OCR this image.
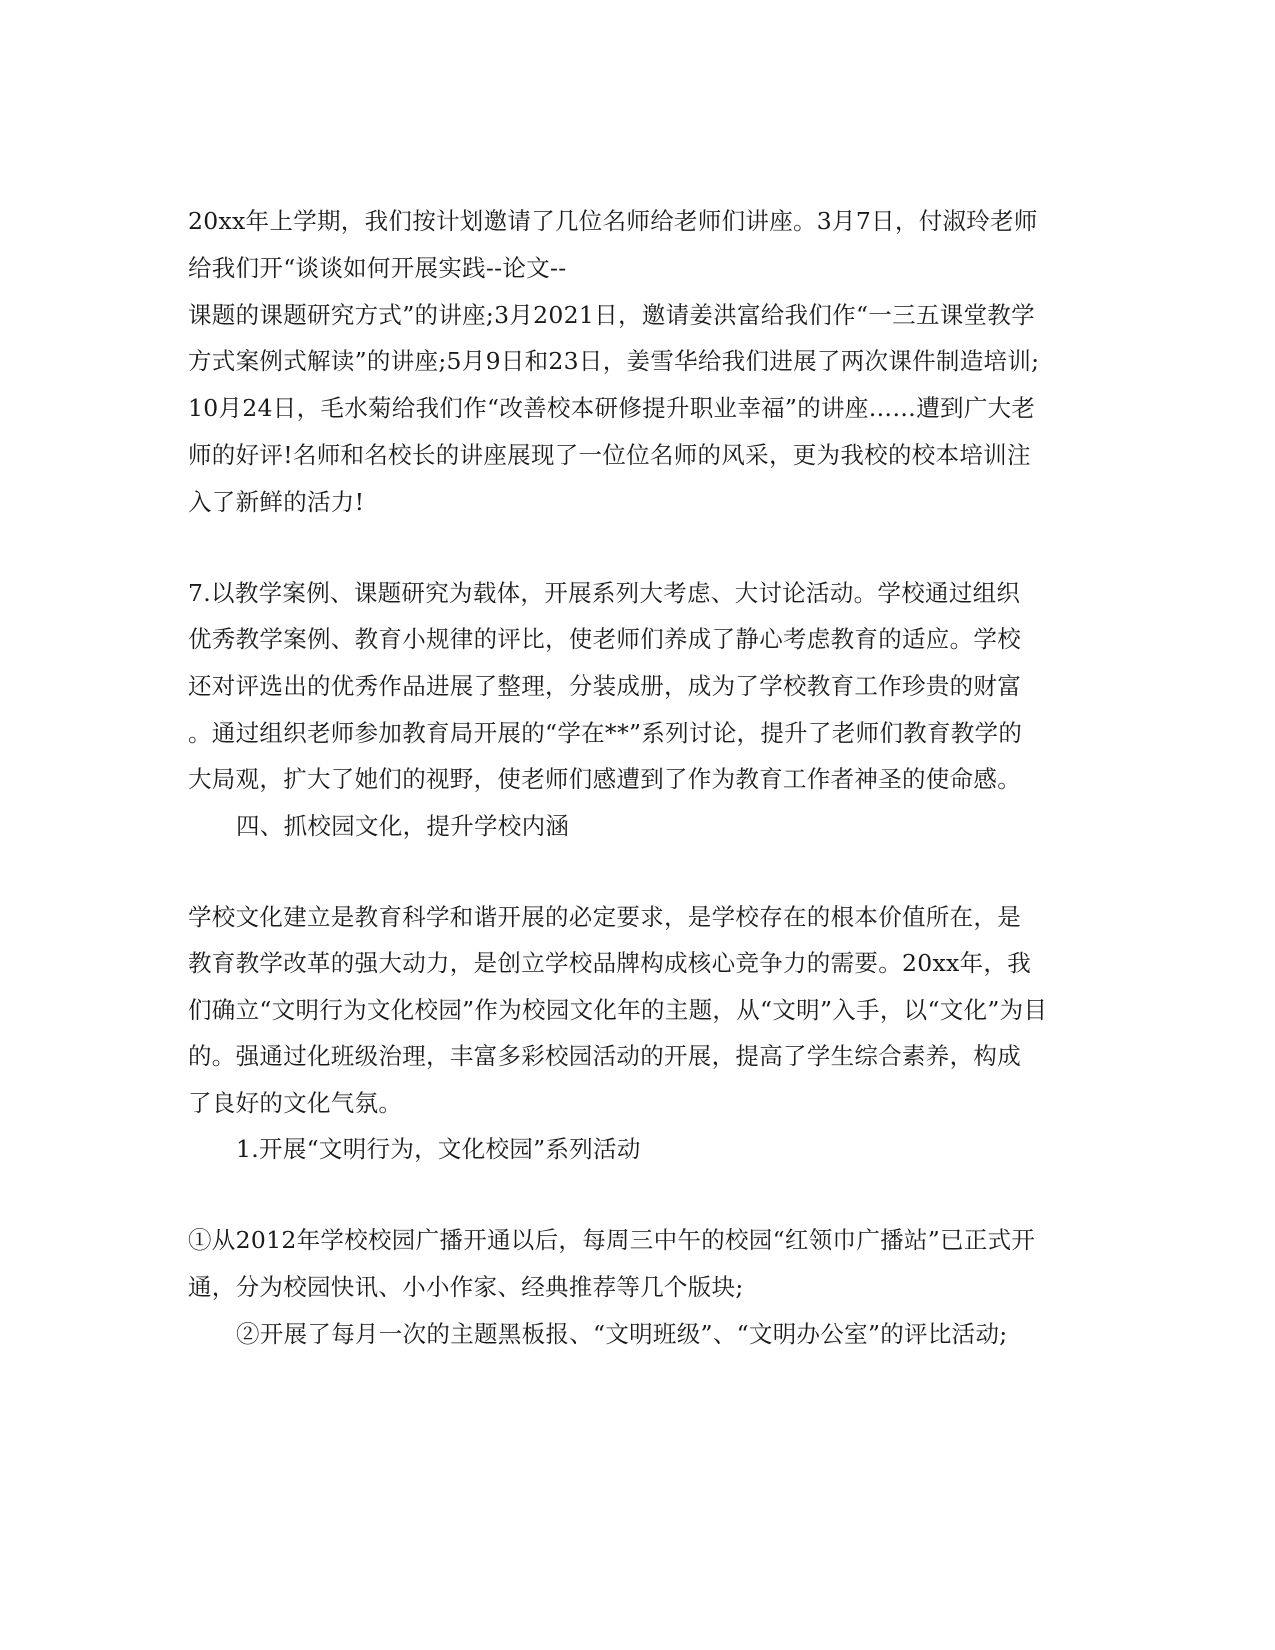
20xx年上学期，我们按计划邀请了几位名师给老师们讲座。3月7日，付淑玲老师
给我们开“谈谈如何开展实践--论文--
课题的课题研究方式”的讲座;3月2021日，邀请姜洪富给我们作“一三五课堂教学
方式案例式解读”的讲座;5月9日和23日，姜雪华给我们进展了两次课件制造培训;
10月24日，毛水菊给我们作“改善校本研修提升职业幸福”的讲座……遭到广大老
师的好评!名师和名校长的讲座展现了一位位名师的风采，更为我校的校本培训注
入了新鲜的活力!
7.以教学案例、课题研究为载体，开展系列大考虑、大讨论活动。学校通过组织
优秀教学案例、教育小规律的评比，使老师们养成了静心考虑教育的适应。学校
还对评选出的优秀作品进展了整理，分装成册，成为了学校教育工作珍贵的财富
。通过组织老师参加教育局开展的“学在**”系列讨论，提升了老师们教育教学的
大局观，扩大了她们的视野，使老师们感遭到了作为教育工作者神圣的使命感。
四、抓校园文化，提升学校内涵
学校文化建立是教育科学和谐开展的必定要求，是学校存在的根本价值所在，是
教育教学改革的强大动力，是创立学校品牌构成核心竞争力的需要。20xx年，我
们确立“文明行为文化校园”作为校园文化年的主题，从“文明”入手，以“文化”为目
的。强通过化班级治理，丰富多彩校园活动的开展，提高了学生综合素养，构成
了良好的文化气氛。
1.开展“文明行为，文化校园”系列活动
①从2012年学校校园广播开通以后，每周三中午的校园“红领巾广播站”已正式开
通，分为校园快讯、小小作家、经典推荐等几个版块;
②开展了每月一次的主题黑板报、“文明班级”、“文明办公室”的评比活动;
